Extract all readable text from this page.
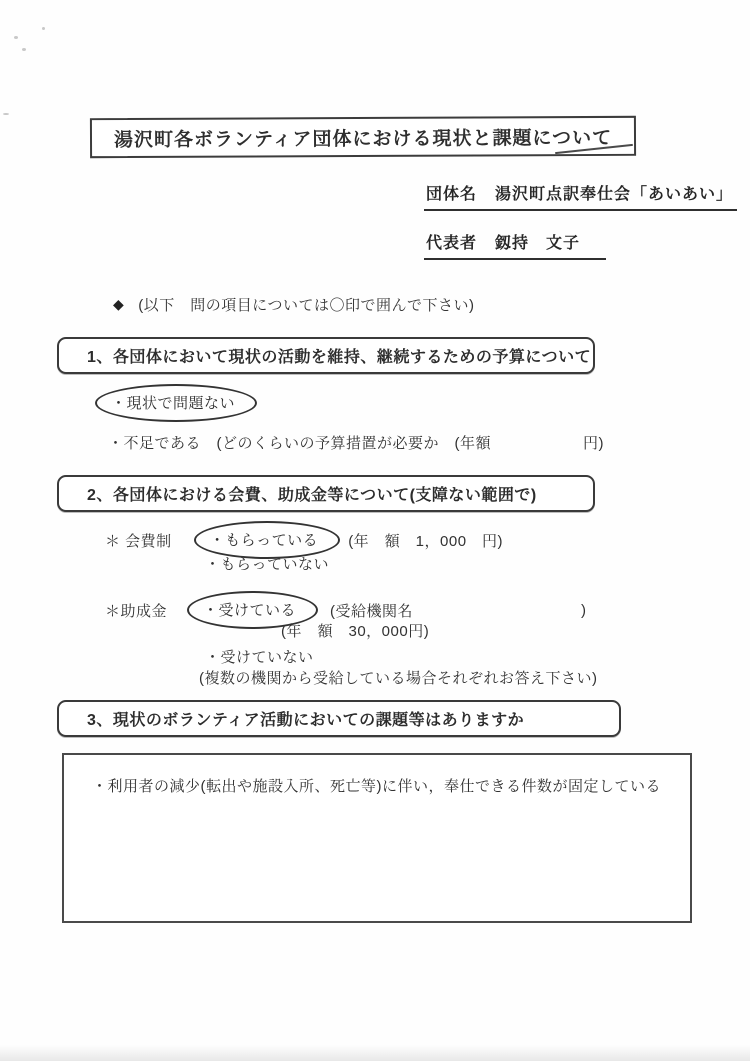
湯沢町各ボランティア団体における現状と課題について
団体名 湯沢町点訳奉仕会「あいあい」
代表者 釼持　文子
◆ (以下　問の項目については〇印で囲んで下さい)
1、各団体において現状の活動を維持、継続するための予算について
・現状で問題ない
・不足である　(どのくらいの予算措置が必要か　(年額	円)
2、各団体における会費、助成金等について(支障ない範囲で)
＊ 会費制	・もらっている	(年　額　1，000　円)
・もらっていない
＊助成金	・受けている	(受給機関名	)
(年　額　30，000円)
・受けていない
(複数の機関から受給している場合それぞれお答え下さい)
3、現状のボランティア活動においての課題等はありますか
・利用者の減少(転出や施設入所、死亡等)に伴い，奉仕できる件数が固定している
